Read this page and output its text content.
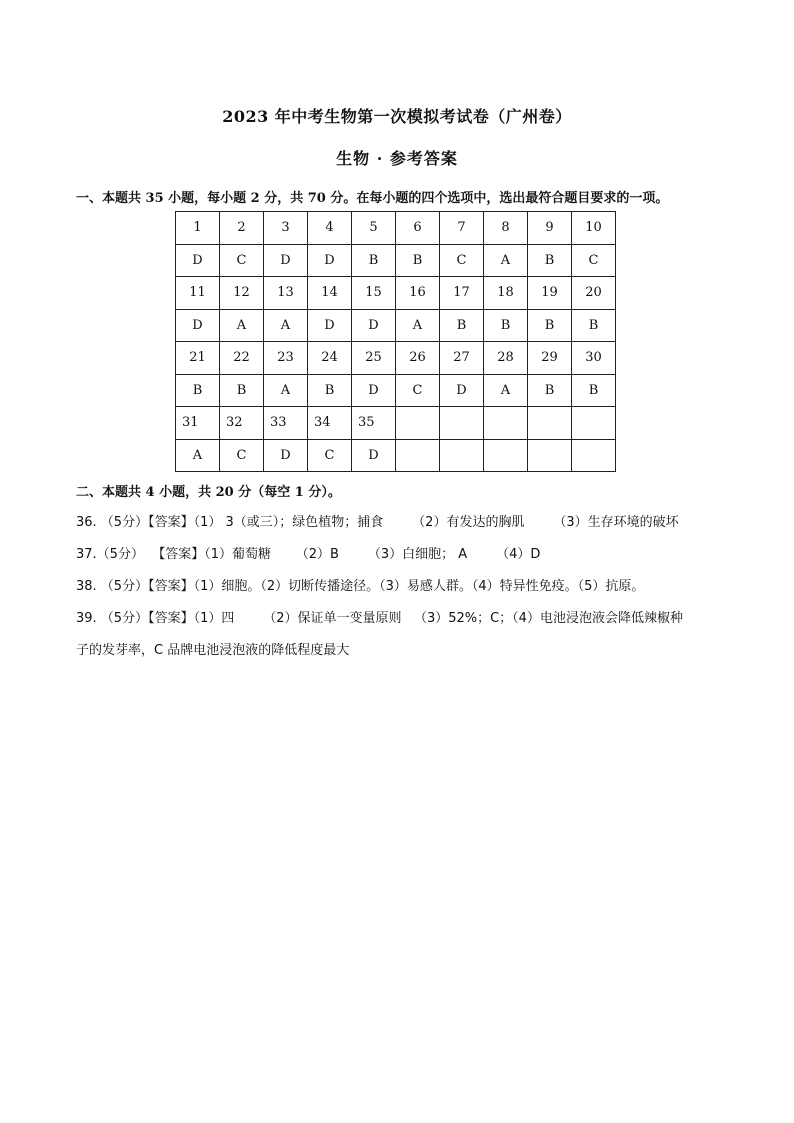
2023 年中考生物第一次模拟考试卷（广州卷）
生物 · 参考答案
一、本题共 35 小题，每小题 2 分，共 70 分。在每小题的四个选项中，选出最符合题目要求的一项。
1	2	3	4	5	6	7	8	9	10
D	C	D	D	B	B	C	A	B	C
11	12	13	14	15	16	17	18	19	20
D	A	A	D	D	A	B	B	B	B
21	22	23	24	25	26	27	28	29	30
B	B	A	B	D	C	D	A	B	B
31	32	33	34	35					
A	C	D	C	D					
二、本题共 4 小题，共 20 分（每空 1 分）。
36. （5分）【答案】（1） 3（或三）；绿色植物；捕食       （2）有发达的胸肌       （3）生存环境的破坏
37.（5分）  【答案】（1）葡萄糖      （2）B       （3）白细胞； A       （4）D
38. （5分）【答案】（1）细胞。（2）切断传播途径。（3）易感人群。（4）特异性免疫。（5）抗原。
39. （5分）【答案】（1）四       （2）保证单一变量原则   （3）52%；C；（4）电池浸泡液会降低辣椒种
子的发芽率，C 品牌电池浸泡液的降低程度最大
